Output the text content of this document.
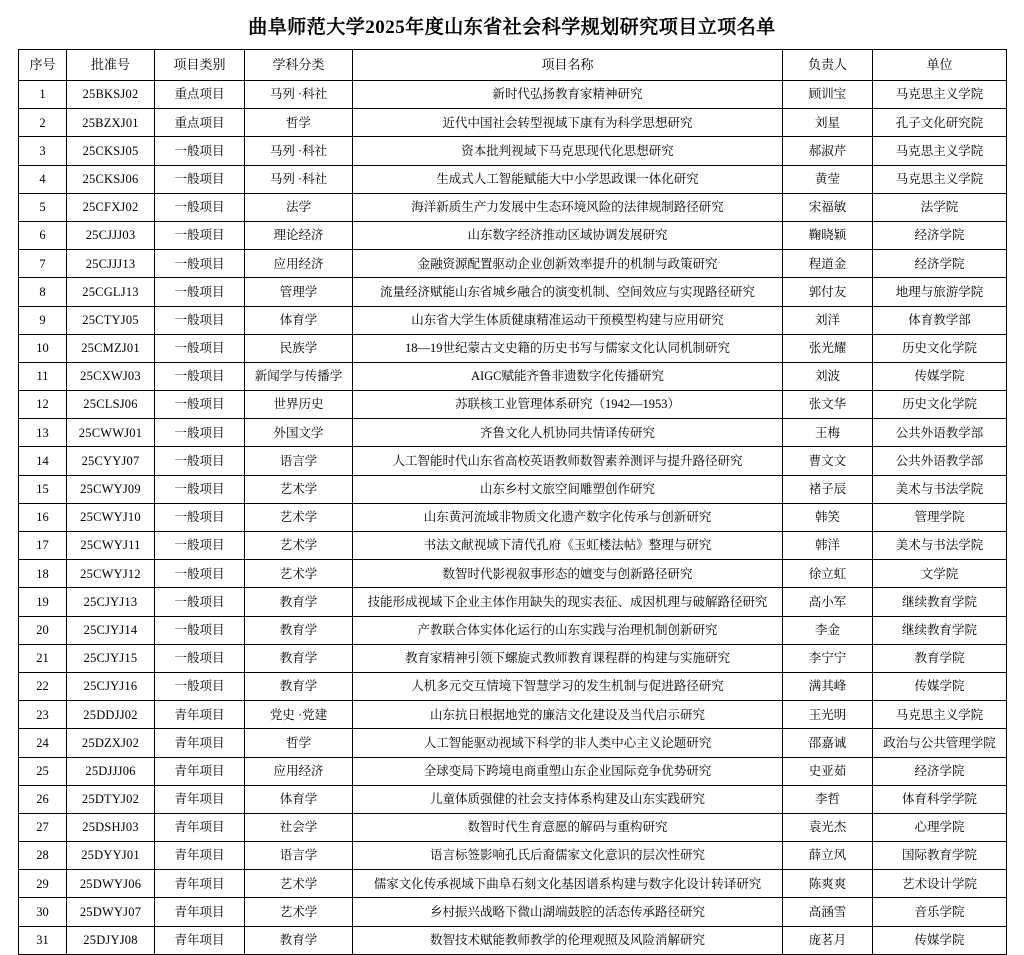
曲阜师范大学2025年度山东省社会科学规划研究项目立项名单
序号	批准号	项目类别	学科分类	项目名称	负责人	单位
1	25BKSJ02	重点项目	马列 ·科社	新时代弘扬教育家精神研究	顾训宝	马克思主义学院
2	25BZXJ01	重点项目	哲学	近代中国社会转型视域下康有为科学思想研究	刘星	孔子文化研究院
3	25CKSJ05	一般项目	马列 ·科社	资本批判视域下马克思现代化思想研究	郝淑芹	马克思主义学院
4	25CKSJ06	一般项目	马列 ·科社	生成式人工智能赋能大中小学思政课一体化研究	黄莹	马克思主义学院
5	25CFXJ02	一般项目	法学	海洋新质生产力发展中生态环境风险的法律规制路径研究	宋福敏	法学院
6	25CJJJ03	一般项目	理论经济	山东数字经济推动区域协调发展研究	鞠晓颖	经济学院
7	25CJJJ13	一般项目	应用经济	金融资源配置驱动企业创新效率提升的机制与政策研究	程道金	经济学院
8	25CGLJ13	一般项目	管理学	流量经济赋能山东省城乡融合的演变机制、空间效应与实现路径研究	郭付友	地理与旅游学院
9	25CTYJ05	一般项目	体育学	山东省大学生体质健康精准运动干预模型构建与应用研究	刘洋	体育教学部
10	25CMZJ01	一般项目	民族学	18—19世纪蒙古文史籍的历史书写与儒家文化认同机制研究	张光耀	历史文化学院
11	25CXWJ03	一般项目	新闻学与传播学	AIGC赋能齐鲁非遗数字化传播研究	刘波	传媒学院
12	25CLSJ06	一般项目	世界历史	苏联核工业管理体系研究（1942—1953）	张文华	历史文化学院
13	25CWWJ01	一般项目	外国文学	齐鲁文化人机协同共情译传研究	王梅	公共外语教学部
14	25CYYJ07	一般项目	语言学	人工智能时代山东省高校英语教师数智素养测评与提升路径研究	曹文文	公共外语教学部
15	25CWYJ09	一般项目	艺术学	山东乡村文旅空间雕塑创作研究	褚子辰	美术与书法学院
16	25CWYJ10	一般项目	艺术学	山东黄河流域非物质文化遗产数字化传承与创新研究	韩笑	管理学院
17	25CWYJ11	一般项目	艺术学	书法文献视域下清代孔府《玉虹楼法帖》整理与研究	韩洋	美术与书法学院
18	25CWYJ12	一般项目	艺术学	数智时代影视叙事形态的嬗变与创新路径研究	徐立虹	文学院
19	25CJYJ13	一般项目	教育学	技能形成视域下企业主体作用缺失的现实表征、成因机理与破解路径研究	高小军	继续教育学院
20	25CJYJ14	一般项目	教育学	产教联合体实体化运行的山东实践与治理机制创新研究	李金	继续教育学院
21	25CJYJ15	一般项目	教育学	教育家精神引领下螺旋式教师教育课程群的构建与实施研究	李宁宁	教育学院
22	25CJYJ16	一般项目	教育学	人机多元交互情境下智慧学习的发生机制与促进路径研究	满其峰	传媒学院
23	25DDJJ02	青年项目	党史 ·党建	山东抗日根据地党的廉洁文化建设及当代启示研究	王光明	马克思主义学院
24	25DZXJ02	青年项目	哲学	人工智能驱动视域下科学的非人类中心主义论题研究	邵嘉诚	政治与公共管理学院
25	25DJJJ06	青年项目	应用经济	全球变局下跨境电商重塑山东企业国际竞争优势研究	史亚茹	经济学院
26	25DTYJ02	青年项目	体育学	儿童体质强健的社会支持体系构建及山东实践研究	李哲	体育科学学院
27	25DSHJ03	青年项目	社会学	数智时代生育意愿的解码与重构研究	袁光杰	心理学院
28	25DYYJ01	青年项目	语言学	语言标签影响孔氏后裔儒家文化意识的层次性研究	薛立风	国际教育学院
29	25DWYJ06	青年项目	艺术学	儒家文化传承视域下曲阜石刻文化基因谱系构建与数字化设计转译研究	陈爽爽	艺术设计学院
30	25DWYJ07	青年项目	艺术学	乡村振兴战略下微山湖端鼓腔的活态传承路径研究	高涵雪	音乐学院
31	25DJYJ08	青年项目	教育学	数智技术赋能教师教学的伦理观照及风险消解研究	庞茗月	传媒学院
